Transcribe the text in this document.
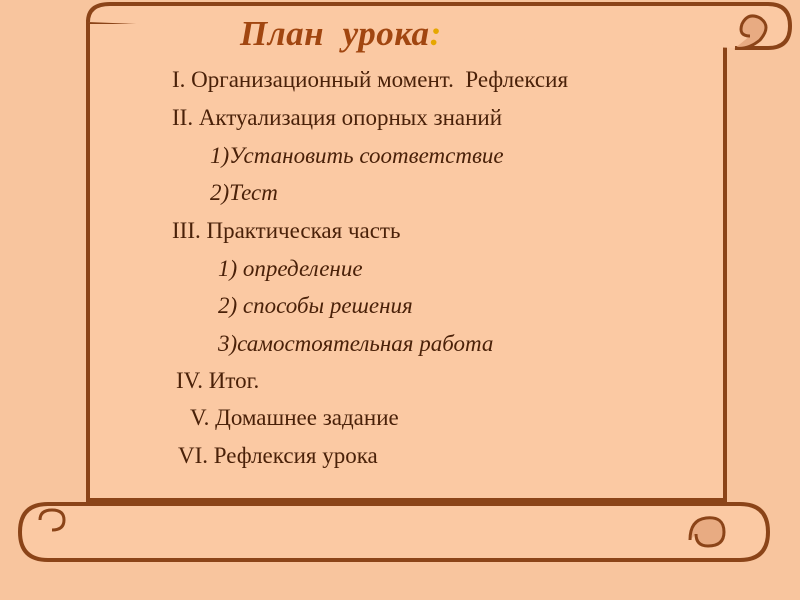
План  урока:
I. Организационный момент.  Рефлексия
II. Актуализация опорных знаний
1)Установить соответствие
2)Тест
III. Практическая часть
1) определение
2) способы решения
3)самостоятельная работа
IV. Итог.
V. Домашнее задание
VI. Рефлексия урока
